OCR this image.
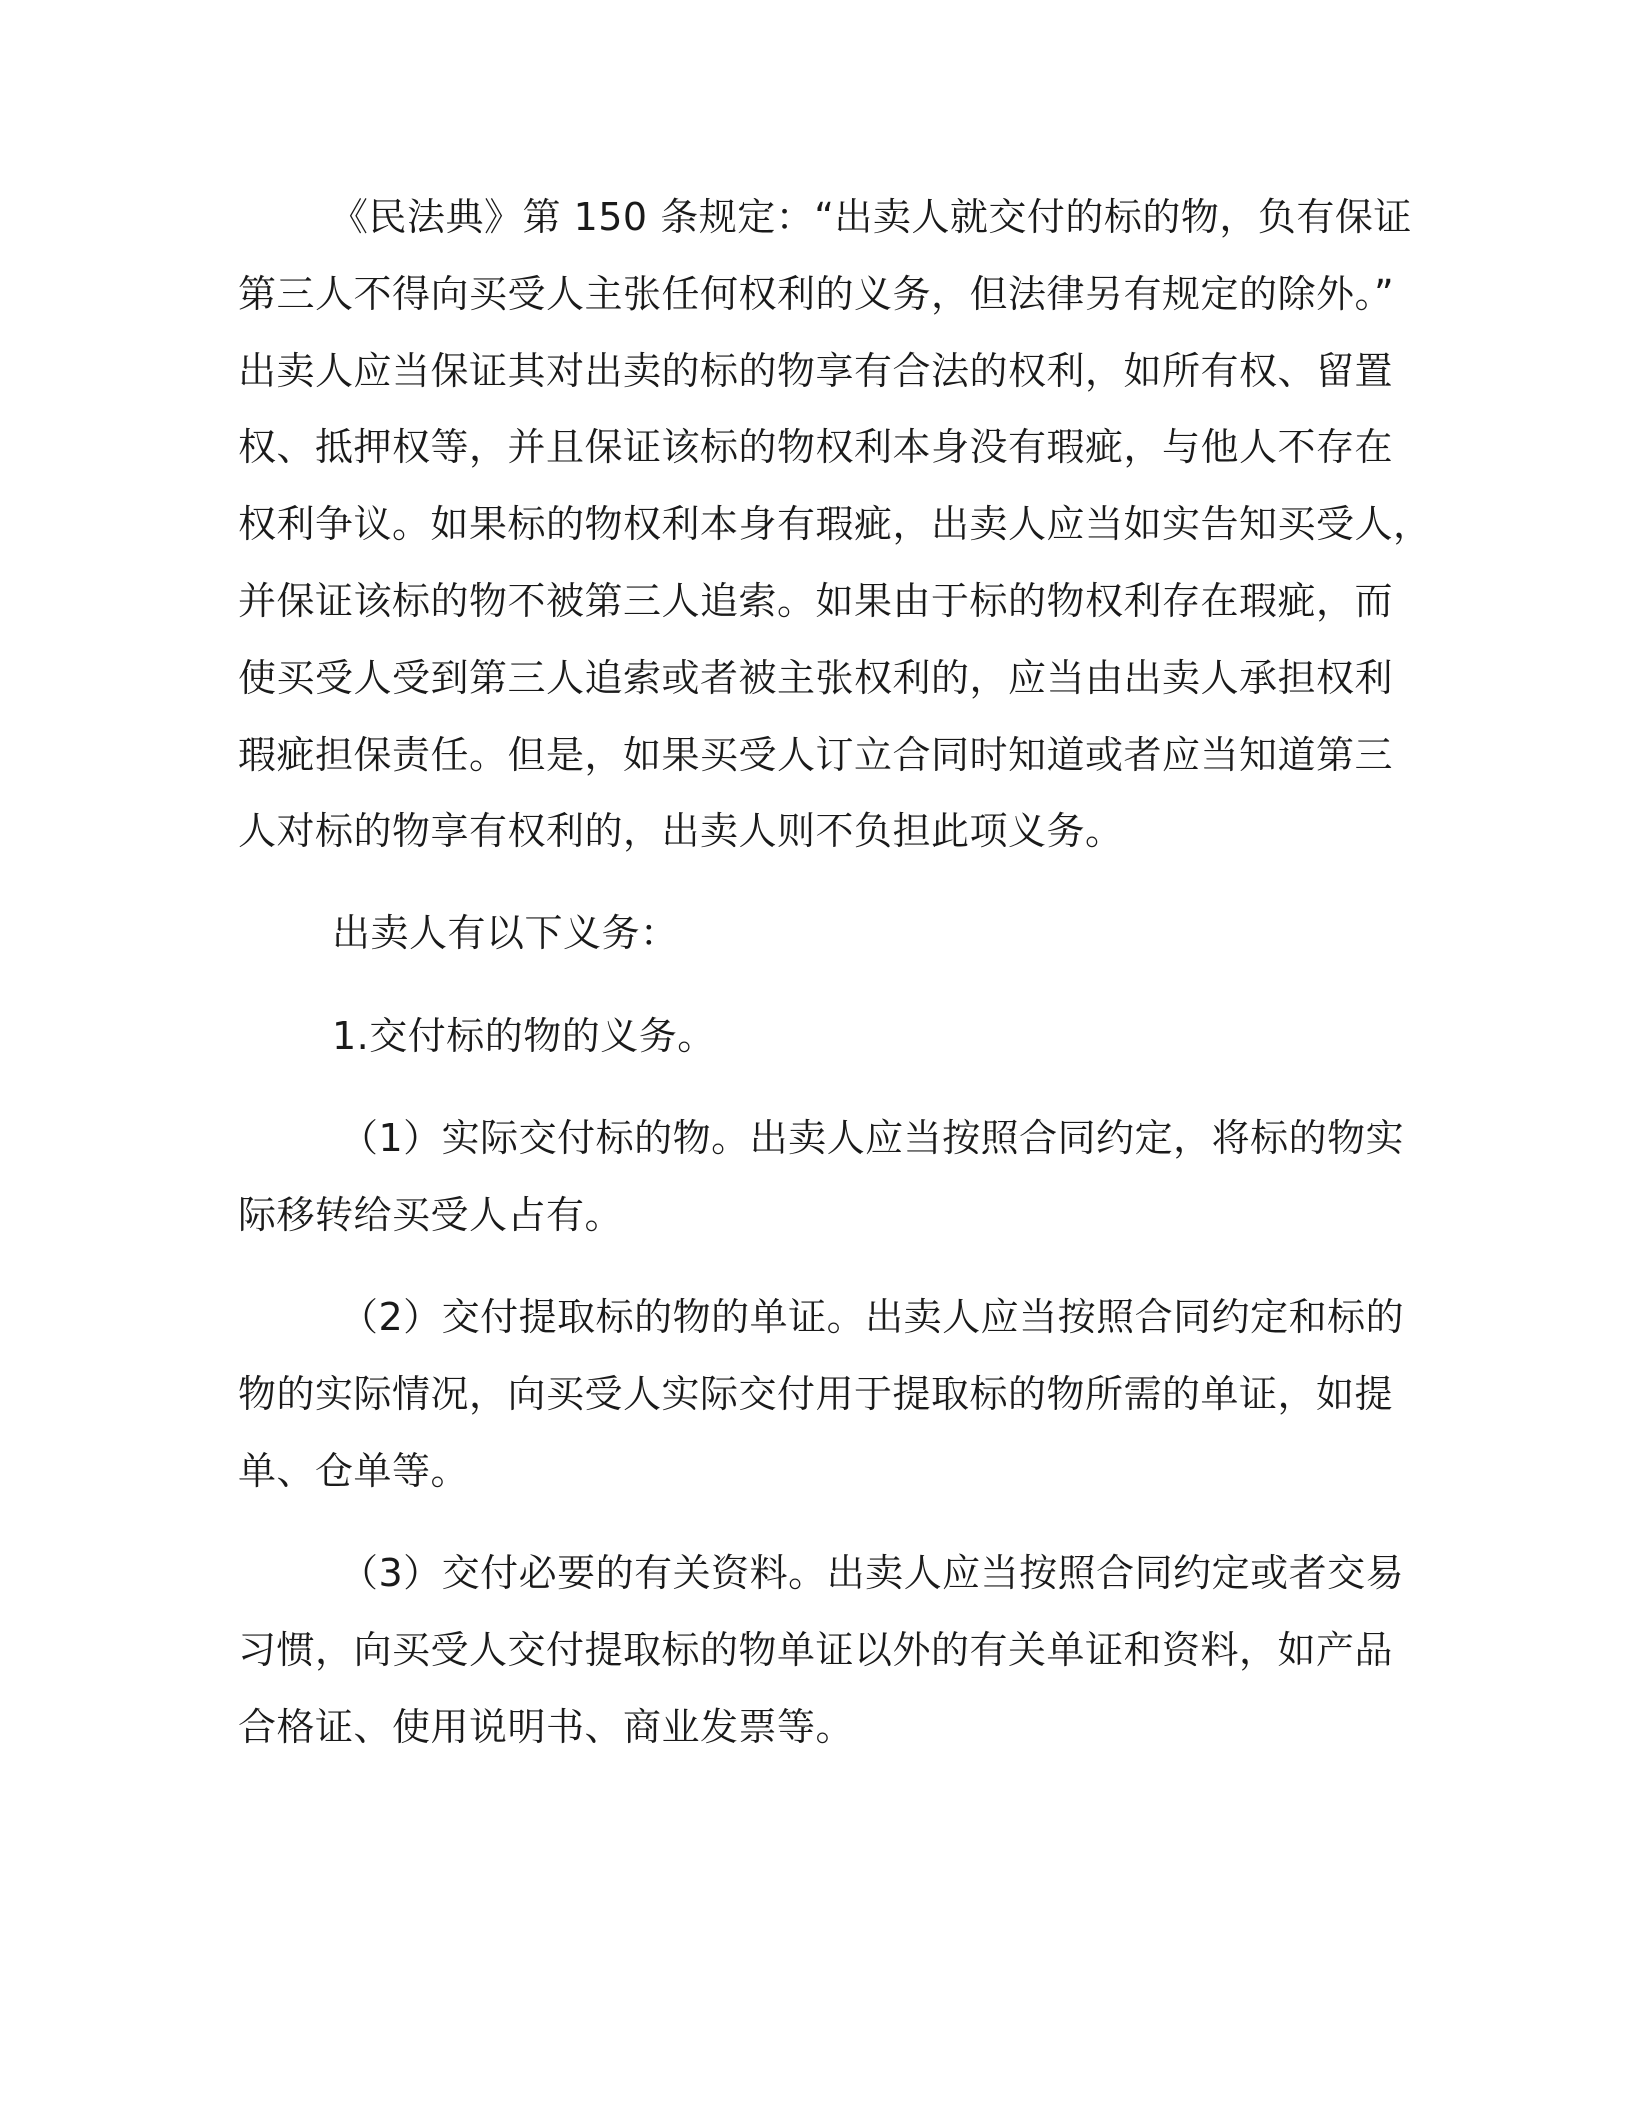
《民法典》第 150 条规定：“出卖人就交付的标的物，负有保证
第三人不得向买受人主张任何权利的义务，但法律另有规定的除外。”
出卖人应当保证其对出卖的标的物享有合法的权利，如所有权、留置
权、抵押权等，并且保证该标的物权利本身没有瑕疵，与他人不存在
权利争议。如果标的物权利本身有瑕疵，出卖人应当如实告知买受人，
并保证该标的物不被第三人追索。如果由于标的物权利存在瑕疵，而
使买受人受到第三人追索或者被主张权利的，应当由出卖人承担权利
瑕疵担保责任。但是，如果买受人订立合同时知道或者应当知道第三
人对标的物享有权利的，出卖人则不负担此项义务。
出卖人有以下义务：
1.交付标的物的义务。
（1）实际交付标的物。出卖人应当按照合同约定，将标的物实
际移转给买受人占有。
（2）交付提取标的物的单证。出卖人应当按照合同约定和标的
物的实际情况，向买受人实际交付用于提取标的物所需的单证，如提
单、仓单等。
（3）交付必要的有关资料。出卖人应当按照合同约定或者交易
习惯，向买受人交付提取标的物单证以外的有关单证和资料，如产品
合格证、使用说明书、商业发票等。
